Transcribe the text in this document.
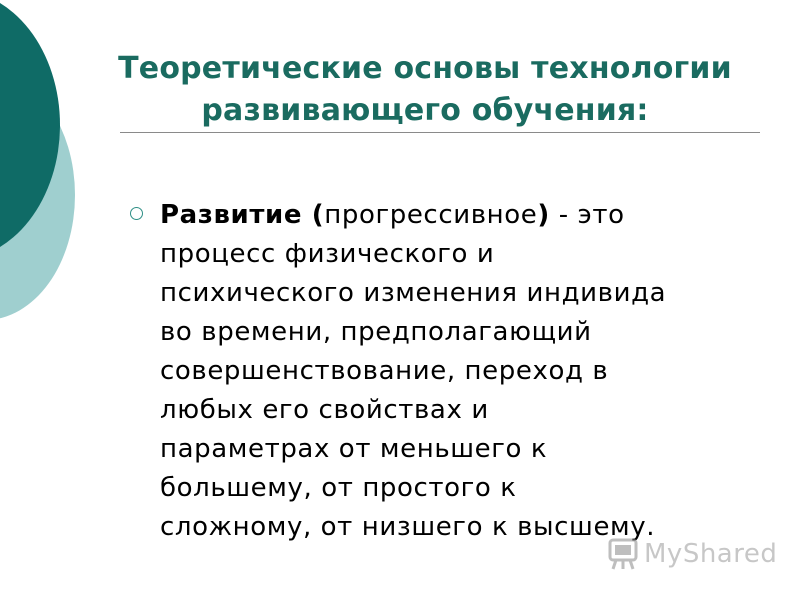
Теоретические основы технологии
развивающего обучения:
Развитие (прогрессивное) - это
процесс физического и
психического изменения индивида
во времени, предполагающий
совершенствование, переход в
любых его свойствах и
параметрах от меньшего к
большему, от простого к
сложному, от низшего к высшему.
MyShared
